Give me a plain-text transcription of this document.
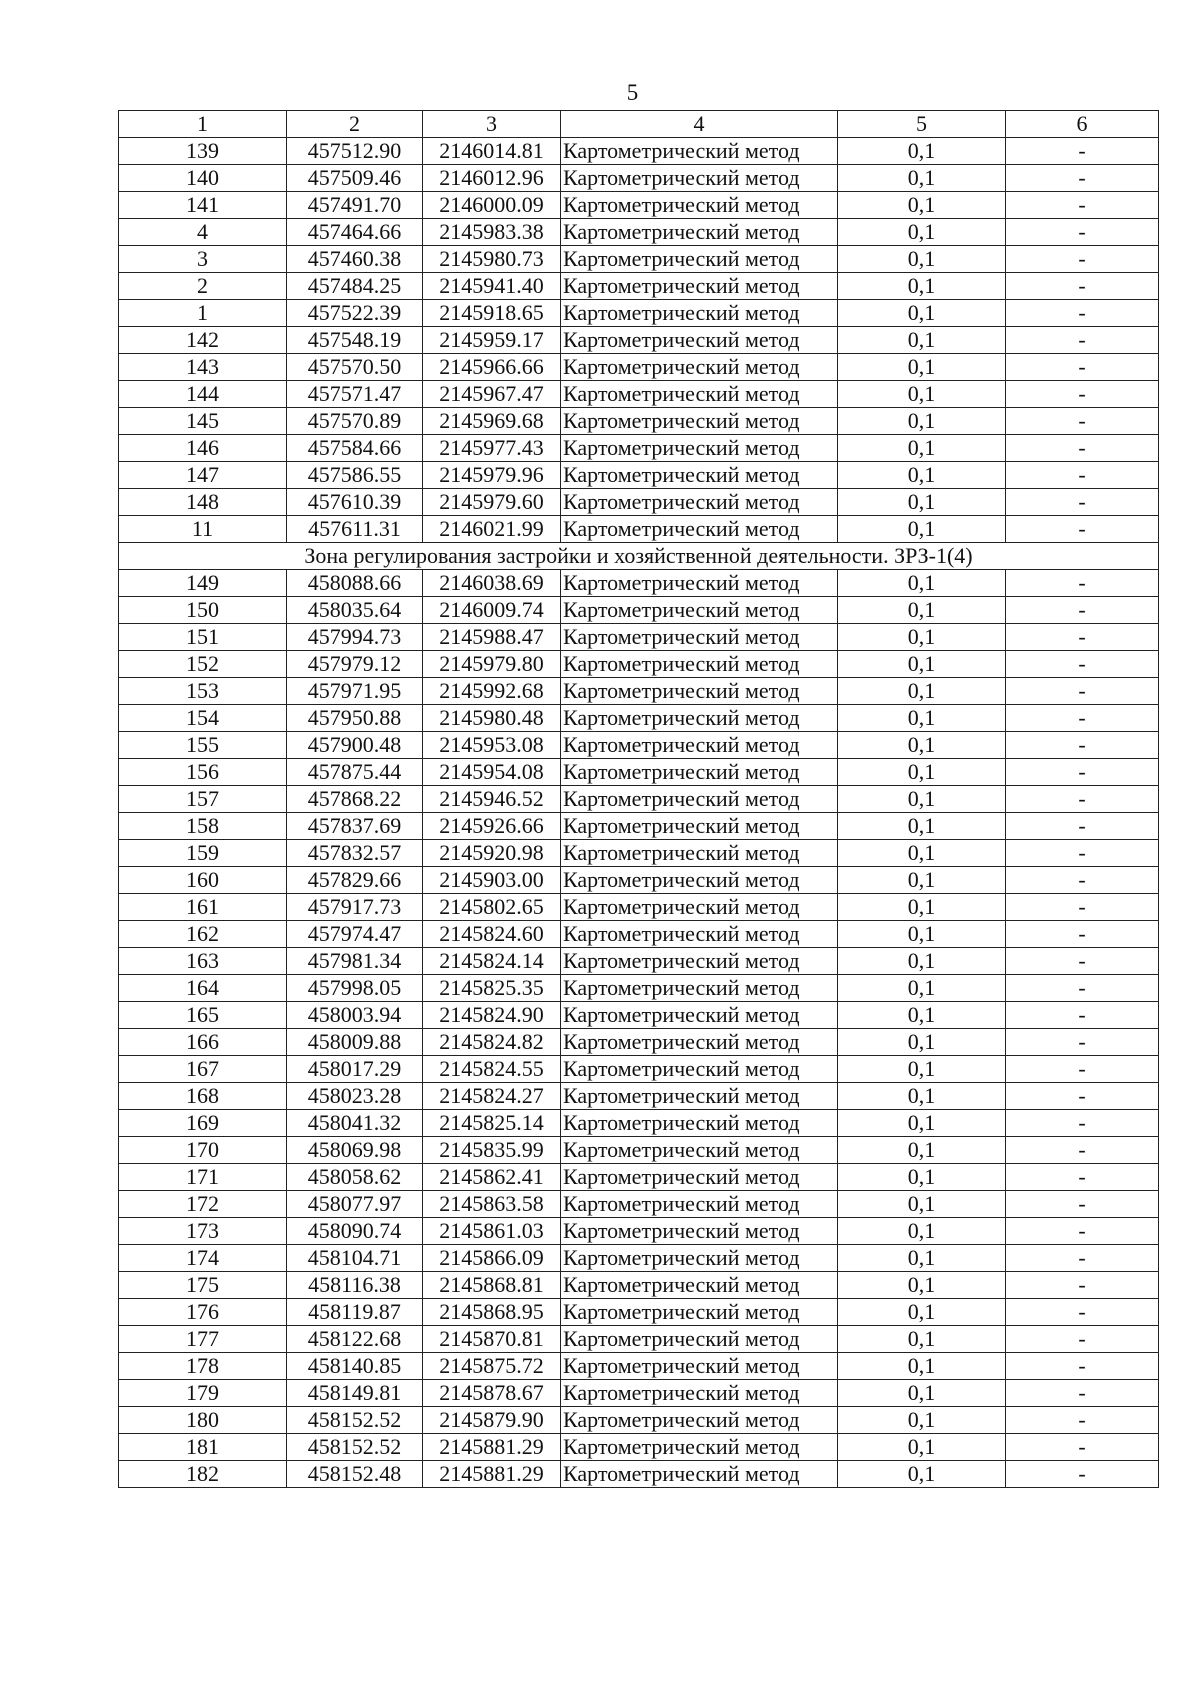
5
1	2	3	4	5	6
139	457512.90	2146014.81	Картометрический метод	0,1	-
140	457509.46	2146012.96	Картометрический метод	0,1	-
141	457491.70	2146000.09	Картометрический метод	0,1	-
4	457464.66	2145983.38	Картометрический метод	0,1	-
3	457460.38	2145980.73	Картометрический метод	0,1	-
2	457484.25	2145941.40	Картометрический метод	0,1	-
1	457522.39	2145918.65	Картометрический метод	0,1	-
142	457548.19	2145959.17	Картометрический метод	0,1	-
143	457570.50	2145966.66	Картометрический метод	0,1	-
144	457571.47	2145967.47	Картометрический метод	0,1	-
145	457570.89	2145969.68	Картометрический метод	0,1	-
146	457584.66	2145977.43	Картометрический метод	0,1	-
147	457586.55	2145979.96	Картометрический метод	0,1	-
148	457610.39	2145979.60	Картометрический метод	0,1	-
11	457611.31	2146021.99	Картометрический метод	0,1	-
Зона регулирования застройки и хозяйственной деятельности. ЗРЗ-1(4)					
149	458088.66	2146038.69	Картометрический метод	0,1	-
150	458035.64	2146009.74	Картометрический метод	0,1	-
151	457994.73	2145988.47	Картометрический метод	0,1	-
152	457979.12	2145979.80	Картометрический метод	0,1	-
153	457971.95	2145992.68	Картометрический метод	0,1	-
154	457950.88	2145980.48	Картометрический метод	0,1	-
155	457900.48	2145953.08	Картометрический метод	0,1	-
156	457875.44	2145954.08	Картометрический метод	0,1	-
157	457868.22	2145946.52	Картометрический метод	0,1	-
158	457837.69	2145926.66	Картометрический метод	0,1	-
159	457832.57	2145920.98	Картометрический метод	0,1	-
160	457829.66	2145903.00	Картометрический метод	0,1	-
161	457917.73	2145802.65	Картометрический метод	0,1	-
162	457974.47	2145824.60	Картометрический метод	0,1	-
163	457981.34	2145824.14	Картометрический метод	0,1	-
164	457998.05	2145825.35	Картометрический метод	0,1	-
165	458003.94	2145824.90	Картометрический метод	0,1	-
166	458009.88	2145824.82	Картометрический метод	0,1	-
167	458017.29	2145824.55	Картометрический метод	0,1	-
168	458023.28	2145824.27	Картометрический метод	0,1	-
169	458041.32	2145825.14	Картометрический метод	0,1	-
170	458069.98	2145835.99	Картометрический метод	0,1	-
171	458058.62	2145862.41	Картометрический метод	0,1	-
172	458077.97	2145863.58	Картометрический метод	0,1	-
173	458090.74	2145861.03	Картометрический метод	0,1	-
174	458104.71	2145866.09	Картометрический метод	0,1	-
175	458116.38	2145868.81	Картометрический метод	0,1	-
176	458119.87	2145868.95	Картометрический метод	0,1	-
177	458122.68	2145870.81	Картометрический метод	0,1	-
178	458140.85	2145875.72	Картометрический метод	0,1	-
179	458149.81	2145878.67	Картометрический метод	0,1	-
180	458152.52	2145879.90	Картометрический метод	0,1	-
181	458152.52	2145881.29	Картометрический метод	0,1	-
182	458152.48	2145881.29	Картометрический метод	0,1	-
